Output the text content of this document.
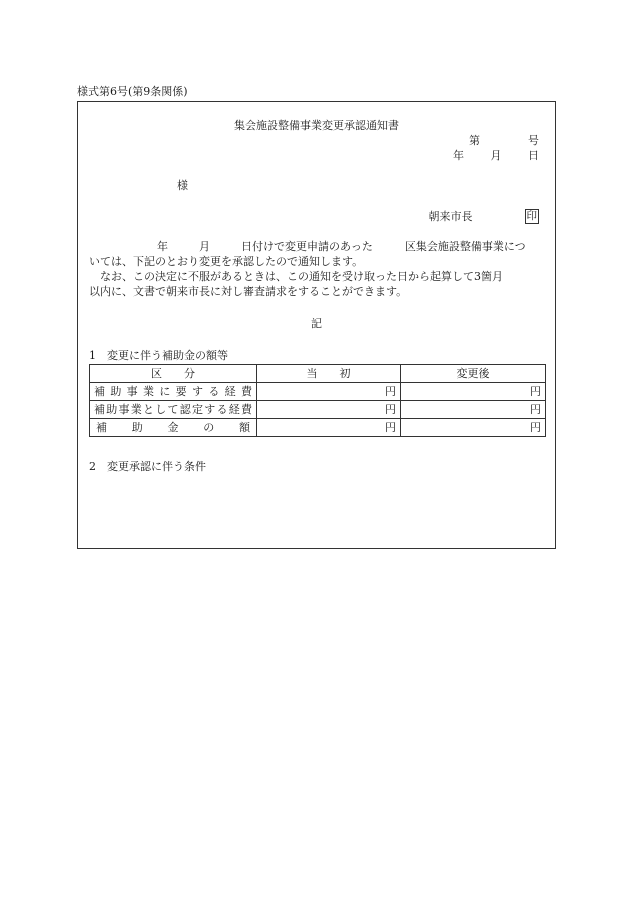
様式第6号(第9条関係)
集会施設整備事業変更承認通知書
第	号
年 月 日
様
朝来市長	印

年	月	日付けで変更申請のあった	区集会施設整備事業につ

いては、下記のとおり変更を承認したので通知します。

なお、この決定に不服があるときは、この通知を受け取った日から起算して3箇月

以内に、文書で朝来市長に対し審査請求をすることができます。

記
1　変更に伴う補助金の額等
区　　分	当　　初	変更後
補助事業に要する経費	円	円
補助事業として認定する経費	円	円
補助金の額	円	円
2　変更承認に伴う条件
